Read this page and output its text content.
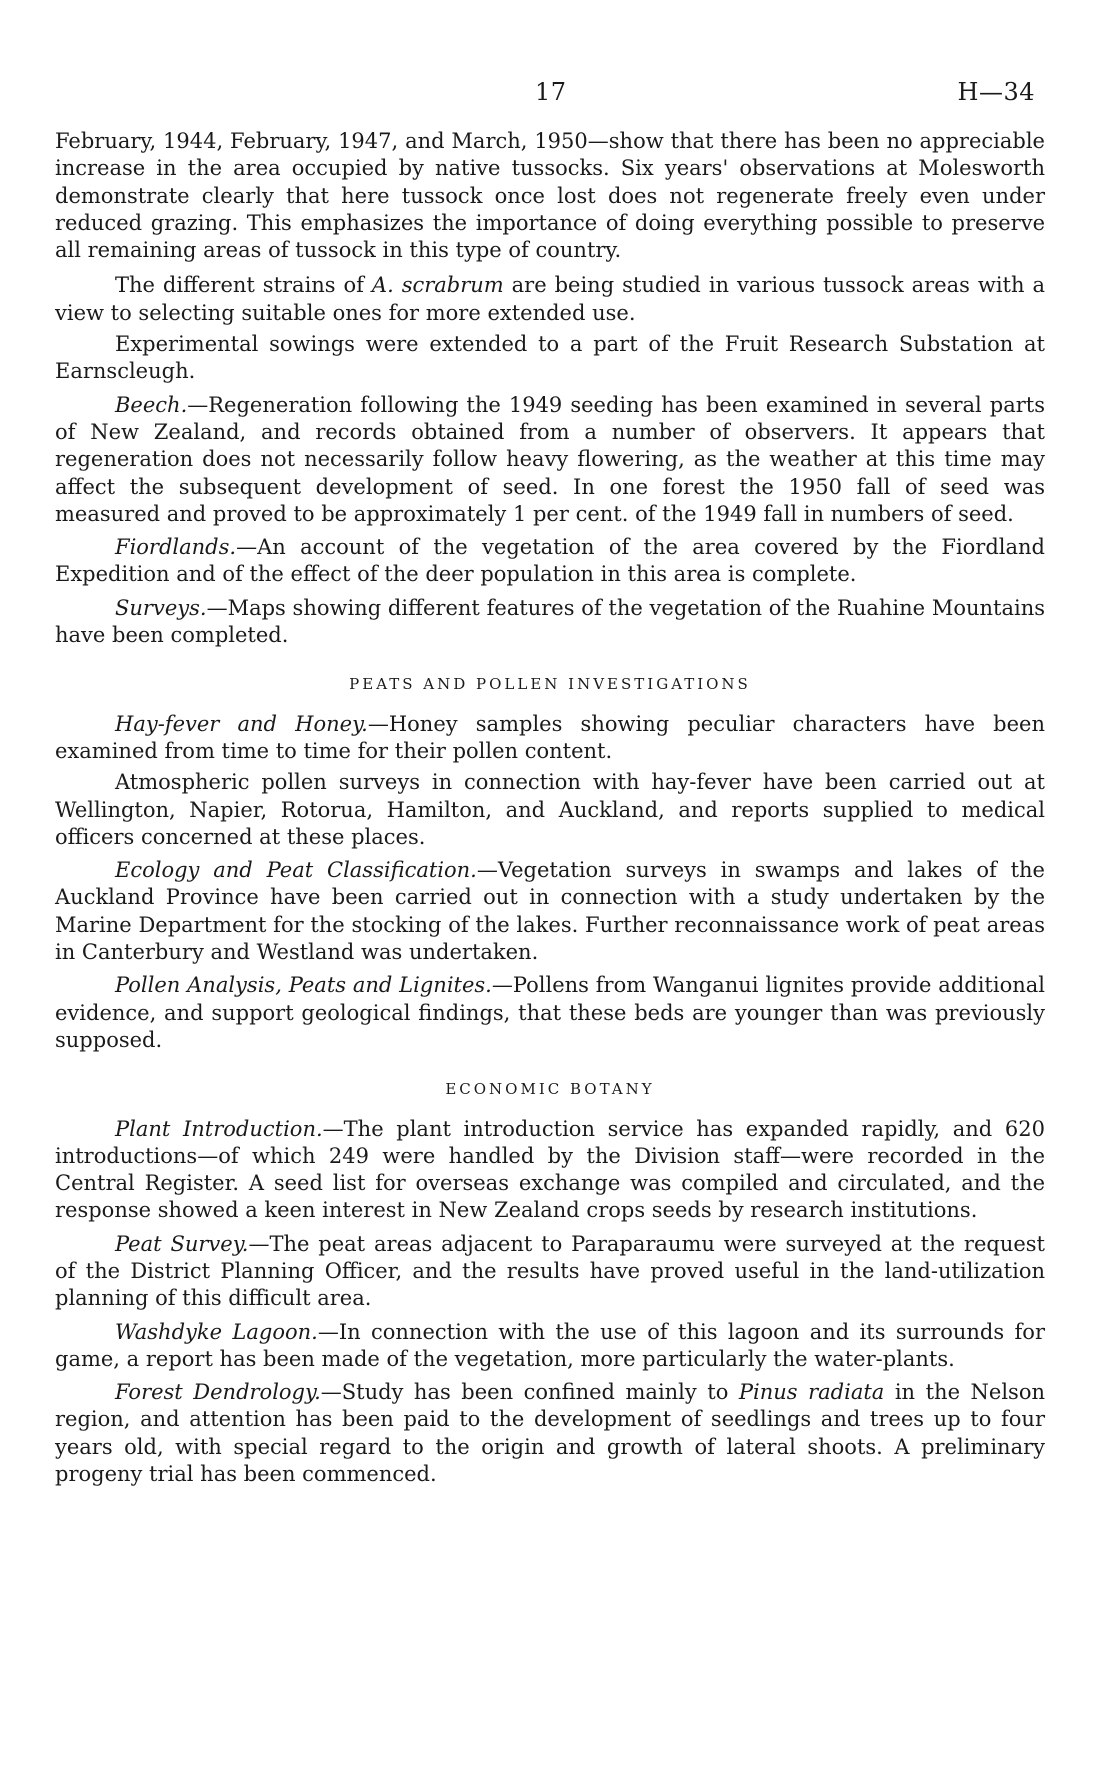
17	H—34

February, 1944, February, 1947, and March, 1950—show that there has been no appreciable increase in the area occupied by native tussocks. Six years' observations at Molesworth demonstrate clearly that here tussock once lost does not regenerate freely even under reduced grazing. This emphasizes the importance of doing everything possible to preserve all remaining areas of tussock in this type of country.

The different strains of A. scrabrum are being studied in various tussock areas with a view to selecting suitable ones for more extended use.

Experimental sowings were extended to a part of the Fruit Research Substation at Earnscleugh.

Beech.—Regeneration following the 1949 seeding has been examined in several parts of New Zealand, and records obtained from a number of observers. It appears that regeneration does not necessarily follow heavy flowering, as the weather at this time may affect the subsequent development of seed. In one forest the 1950 fall of seed was measured and proved to be approximately 1 per cent. of the 1949 fall in numbers of seed.

Fiordlands.—An account of the vegetation of the area covered by the Fiordland Expedition and of the effect of the deer population in this area is complete.

Surveys.—Maps showing different features of the vegetation of the Ruahine Mountains have been completed.

PEATS AND POLLEN INVESTIGATIONS

Hay-fever and Honey.—Honey samples showing peculiar characters have been examined from time to time for their pollen content.

Atmospheric pollen surveys in connection with hay-fever have been carried out at Wellington, Napier, Rotorua, Hamilton, and Auckland, and reports supplied to medical officers concerned at these places.

Ecology and Peat Classification.—Vegetation surveys in swamps and lakes of the Auckland Province have been carried out in connection with a study undertaken by the Marine Department for the stocking of the lakes. Further reconnaissance work of peat areas in Canterbury and Westland was undertaken.

Pollen Analysis, Peats and Lignites.—Pollens from Wanganui lignites provide additional evidence, and support geological findings, that these beds are younger than was previously supposed.

ECONOMIC BOTANY

Plant Introduction.—The plant introduction service has expanded rapidly, and 620 introductions—of which 249 were handled by the Division staff—were recorded in the Central Register. A seed list for overseas exchange was compiled and circulated, and the response showed a keen interest in New Zealand crops seeds by research institutions.

Peat Survey.—The peat areas adjacent to Paraparaumu were surveyed at the request of the District Planning Officer, and the results have proved useful in the land-utilization planning of this difficult area.

Washdyke Lagoon.—In connection with the use of this lagoon and its surrounds for game, a report has been made of the vegetation, more particularly the water-plants.

Forest Dendrology.—Study has been confined mainly to Pinus radiata in the Nelson region, and attention has been paid to the development of seedlings and trees up to four years old, with special regard to the origin and growth of lateral shoots. A preliminary progeny trial has been commenced.
